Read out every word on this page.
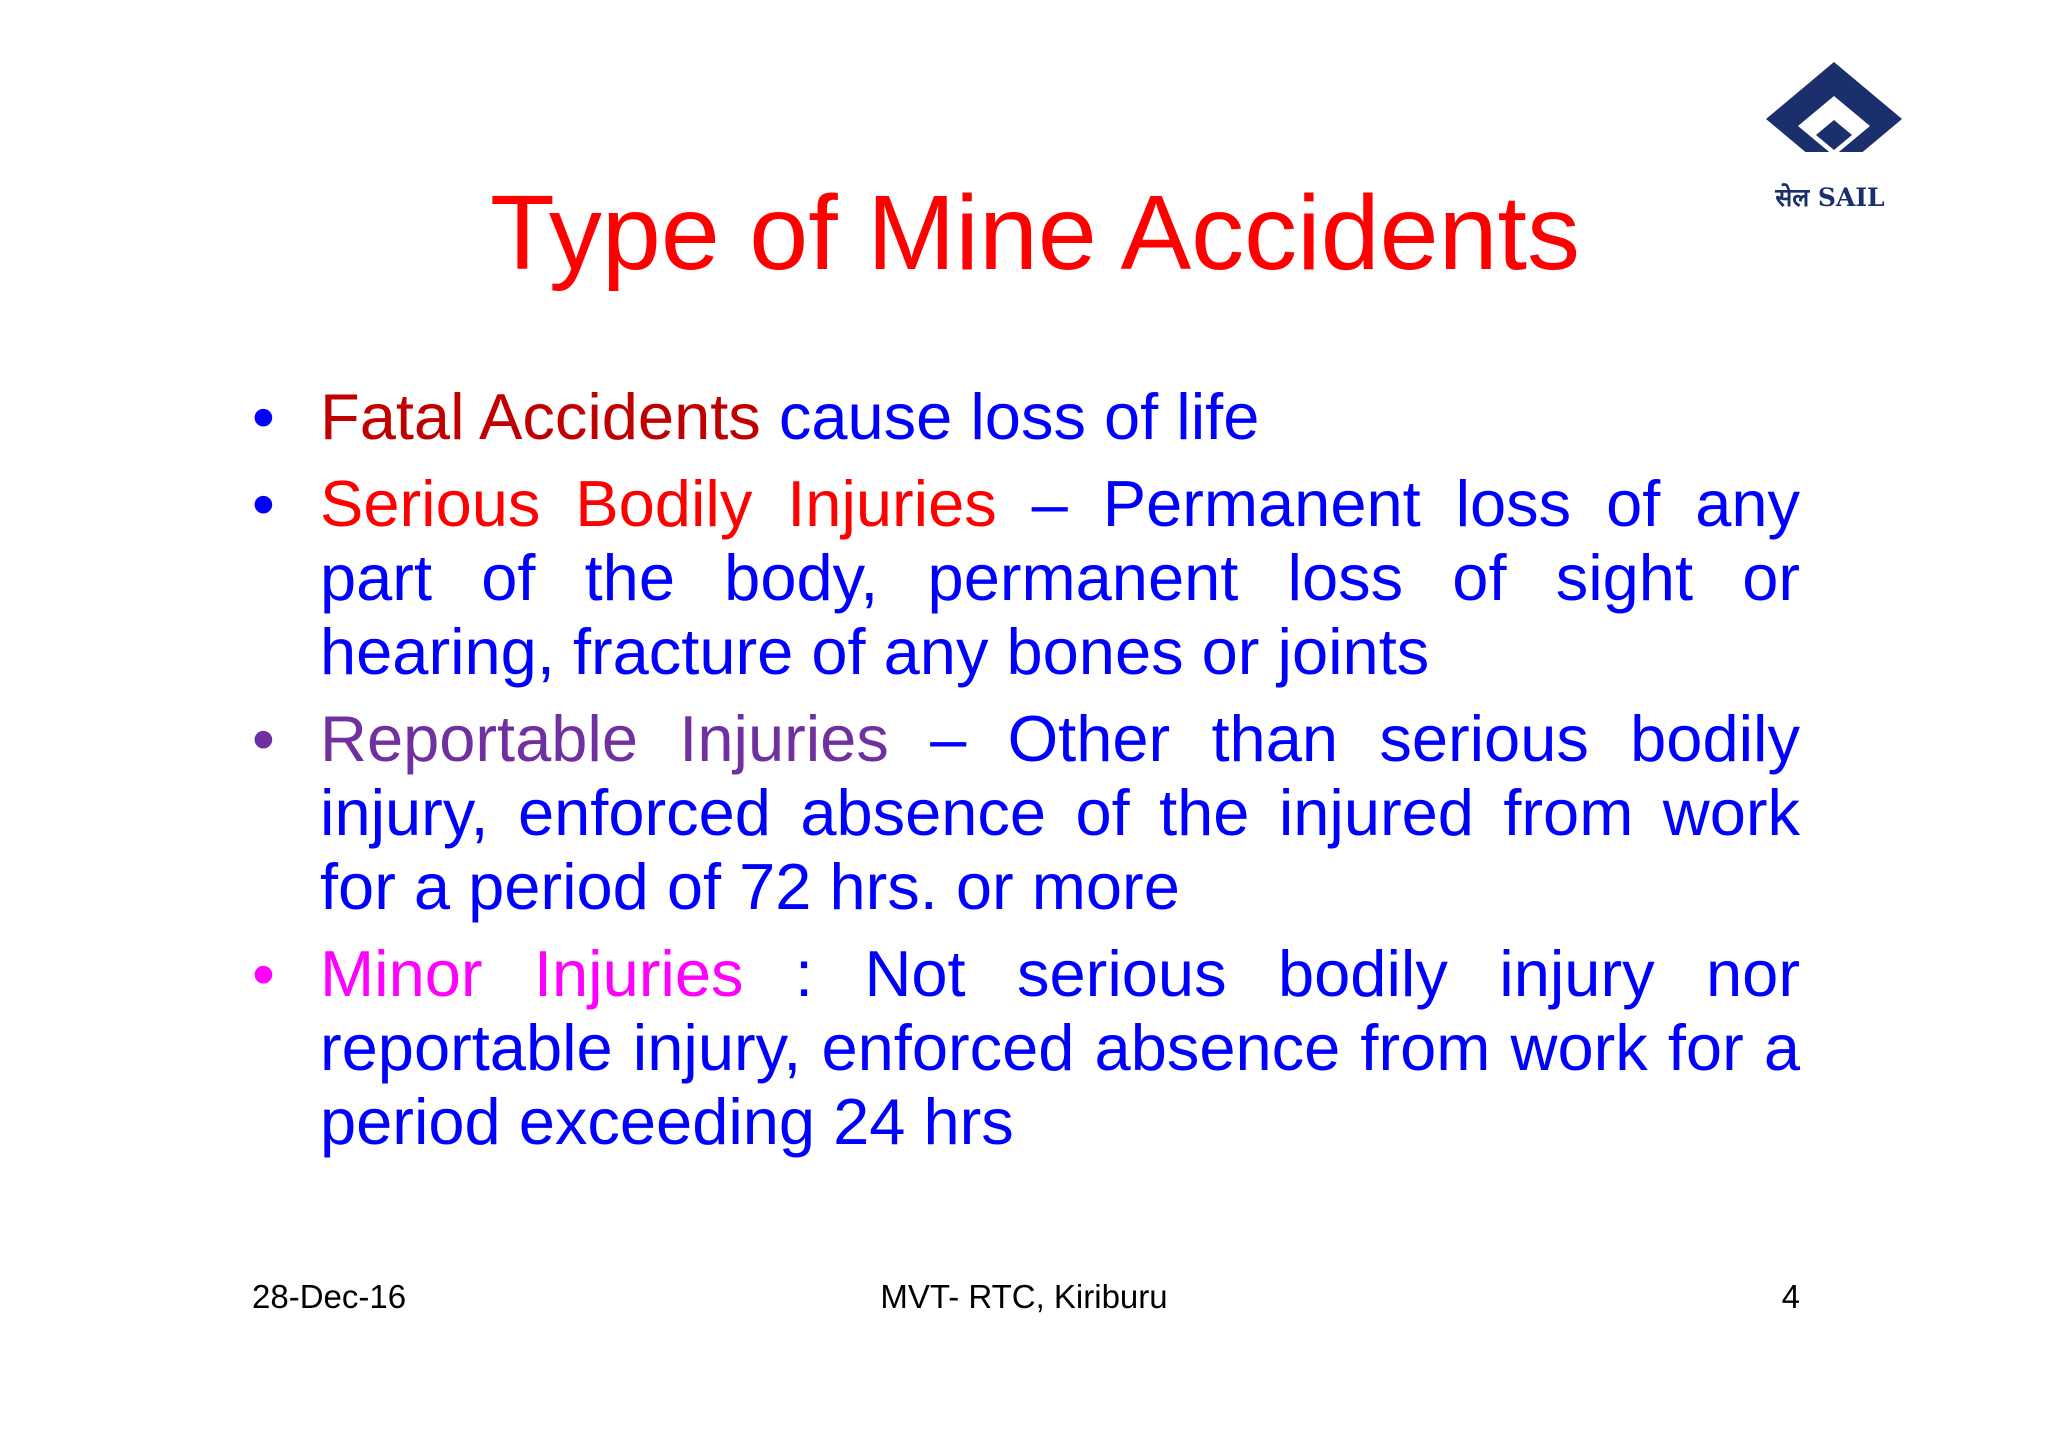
सेल SAIL
Type of Mine Accidents
• Fatal Accidents cause loss of life
• Serious Bodily Injuries – Permanent loss of any part of the body, permanent loss of sight or hearing, fracture of any bones or joints
• Reportable Injuries – Other than serious bodily injury, enforced absence of the injured from work for a period of 72 hrs. or more
• Minor Injuries : Not serious bodily injury nor reportable injury, enforced absence from work for a period exceeding 24 hrs
28-Dec-16	MVT- RTC, Kiriburu	4
